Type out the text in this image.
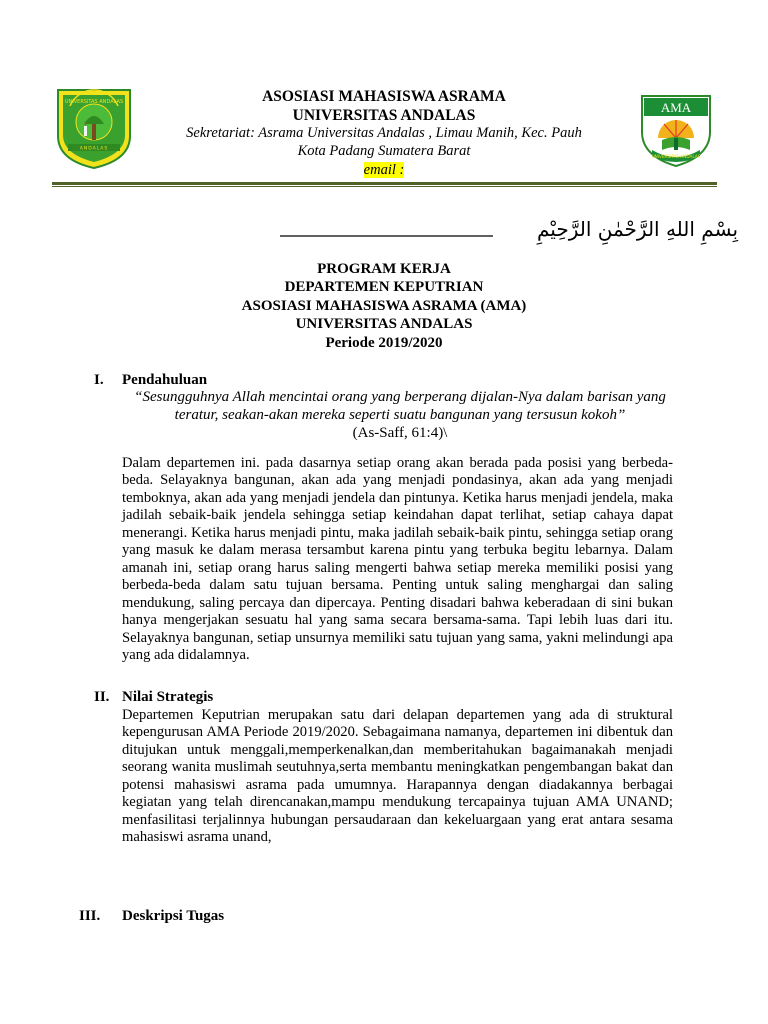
UNIVERSITAS ANDALAS
ANDALAS
ASOSIASI MAHASISWA ASRAMA
UNIVERSITAS ANDALAS
Sekretariat: Asrama Universitas Andalas , Limau Manih, Kec. Pauh
Kota Padang Sumatera Barat
email :
AMA
UNIVERSITAS ANDALAS
بِسْمِ اللهِ الرَّحْمٰنِ الرَّحِيْمِ
PROGRAM KERJA
DEPARTEMEN KEPUTRIAN
ASOSIASI MAHASISWA ASRAMA (AMA)
UNIVERSITAS ANDALAS
Periode 2019/2020
I. Pendahuluan
“Sesungguhnya Allah mencintai orang yang berperang dijalan-Nya dalam barisan yang teratur, seakan-akan mereka seperti suatu bangunan yang tersusun kokoh”
(As-Saff, 61:4)\
Dalam departemen ini. pada dasarnya setiap orang akan berada pada posisi yang berbeda-beda. Selayaknya bangunan, akan ada yang menjadi pondasinya, akan ada yang menjadi temboknya, akan ada yang menjadi jendela dan pintunya. Ketika harus menjadi jendela, maka jadilah sebaik-baik jendela sehingga setiap keindahan dapat terlihat, setiap cahaya dapat menerangi. Ketika harus menjadi pintu, maka jadilah sebaik-baik pintu, sehingga setiap orang yang masuk ke dalam merasa tersambut karena pintu yang terbuka begitu lebarnya. Dalam amanah ini, setiap orang harus saling mengerti bahwa setiap mereka memiliki posisi yang berbeda-beda dalam satu tujuan bersama. Penting untuk saling menghargai dan saling mendukung, saling percaya dan dipercaya. Penting disadari bahwa keberadaan di sini bukan hanya mengerjakan sesuatu hal yang sama secara bersama-sama. Tapi lebih luas dari itu. Selayaknya bangunan, setiap unsurnya memiliki satu tujuan yang sama, yakni melindungi apa yang ada didalamnya.
II. Nilai Strategis
Departemen Keputrian merupakan satu dari delapan departemen yang ada di struktural kepengurusan AMA Periode 2019/2020. Sebagaimana namanya, departemen ini dibentuk dan ditujukan untuk menggali,memperkenalkan,dan memberitahukan bagaimanakah menjadi seorang wanita muslimah seutuhnya,serta membantu meningkatkan pengembangan bakat dan potensi mahasiswi asrama pada umumnya. Harapannya dengan diadakannya berbagai kegiatan yang telah direncanakan,mampu mendukung tercapainya tujuan AMA UNAND; menfasilitasi terjalinnya hubungan persaudaraan dan kekeluargaan yang erat antara sesama mahasiswi asrama unand,
III. Deskripsi Tugas
